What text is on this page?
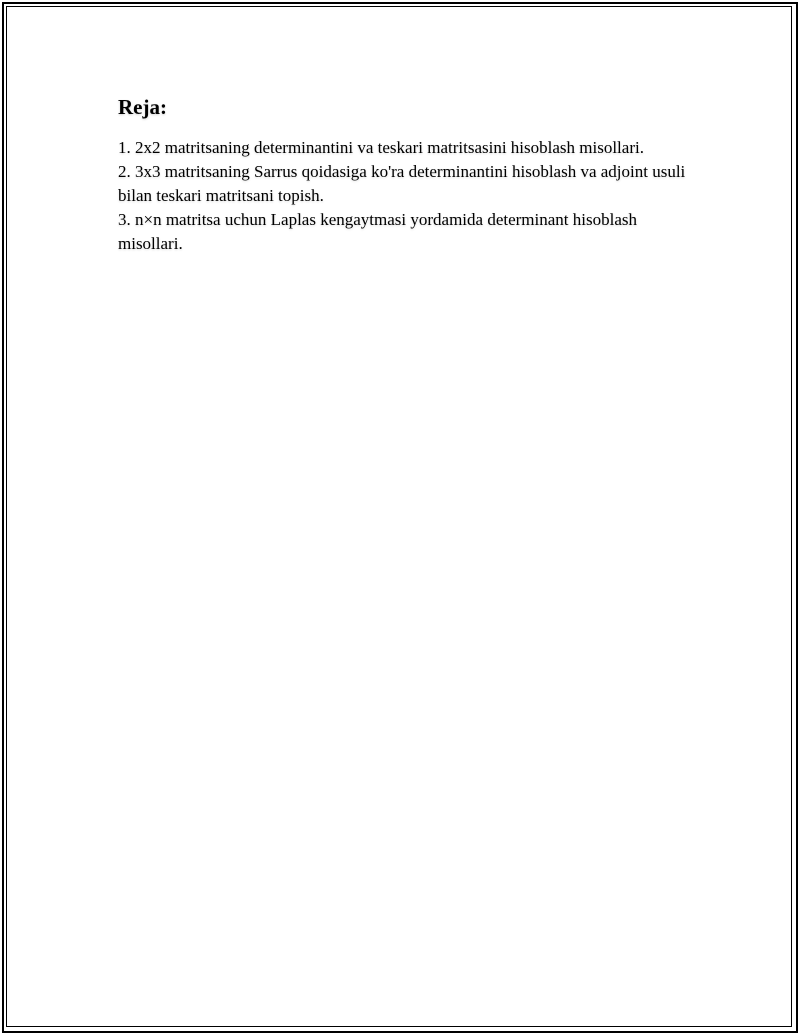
Reja:
1. 2x2 matritsaning determinantini va teskari matritsasini hisoblash misollari.
2. 3x3 matritsaning Sarrus qoidasiga ko'ra determinantini hisoblash va adjoint usuli bilan teskari matritsani topish.
3. n×n matritsa uchun Laplas kengaytmasi yordamida determinant hisoblash misollari.
